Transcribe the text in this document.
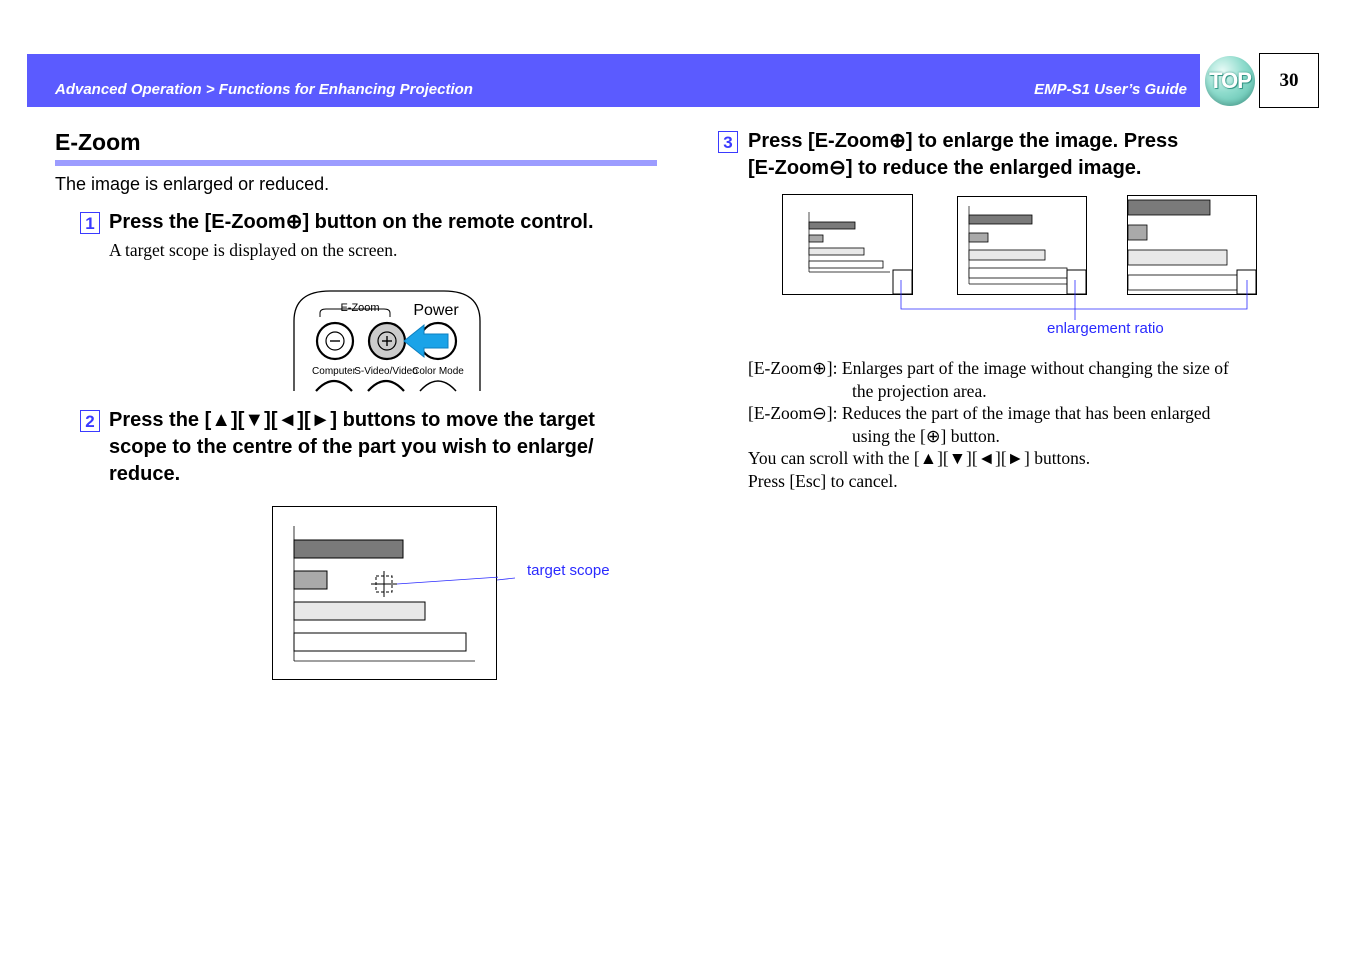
Advanced Operation > Functions for Enhancing Projection	EMP-S1 User’s Guide TOP	30
E-Zoom
The image is enlarged or reduced.
1 Press the [E-Zoom⊕] button on the remote control.
A target scope is displayed on the screen.
E-Zoom Power
Computer
S-Video/Video
Color Mode
2 Press the [▲][▼][◄][►] buttons to move the target
scope to the centre of the part you wish to enlarge/
reduce.
target scope
3 Press [E-Zoom⊕] to enlarge the image. Press
[E-Zoom⊖] to reduce the enlarged image.
enlargement ratio
[E-Zoom⊕]: Enlarges part of the image without changing the size of
the projection area.
[E-Zoom⊖]: Reduces the part of the image that has been enlarged
using the [⊕] button.
You can scroll with the [▲][▼][◄][►] buttons.
Press [Esc] to cancel.
